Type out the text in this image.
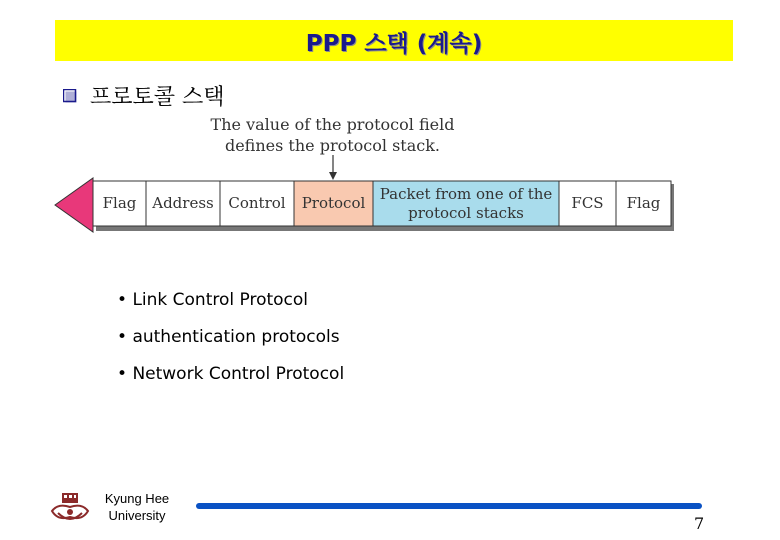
PPP 스택 (계속)
프로토콜 스택
The value of the protocol field
defines the protocol stack.
Flag	Address Control	Protocol
Packet from one of the
protocol stacks
FCS	Flag
• Link Control Protocol
• authentication protocols
• Network Control Protocol
Kyung Hee
University	7
